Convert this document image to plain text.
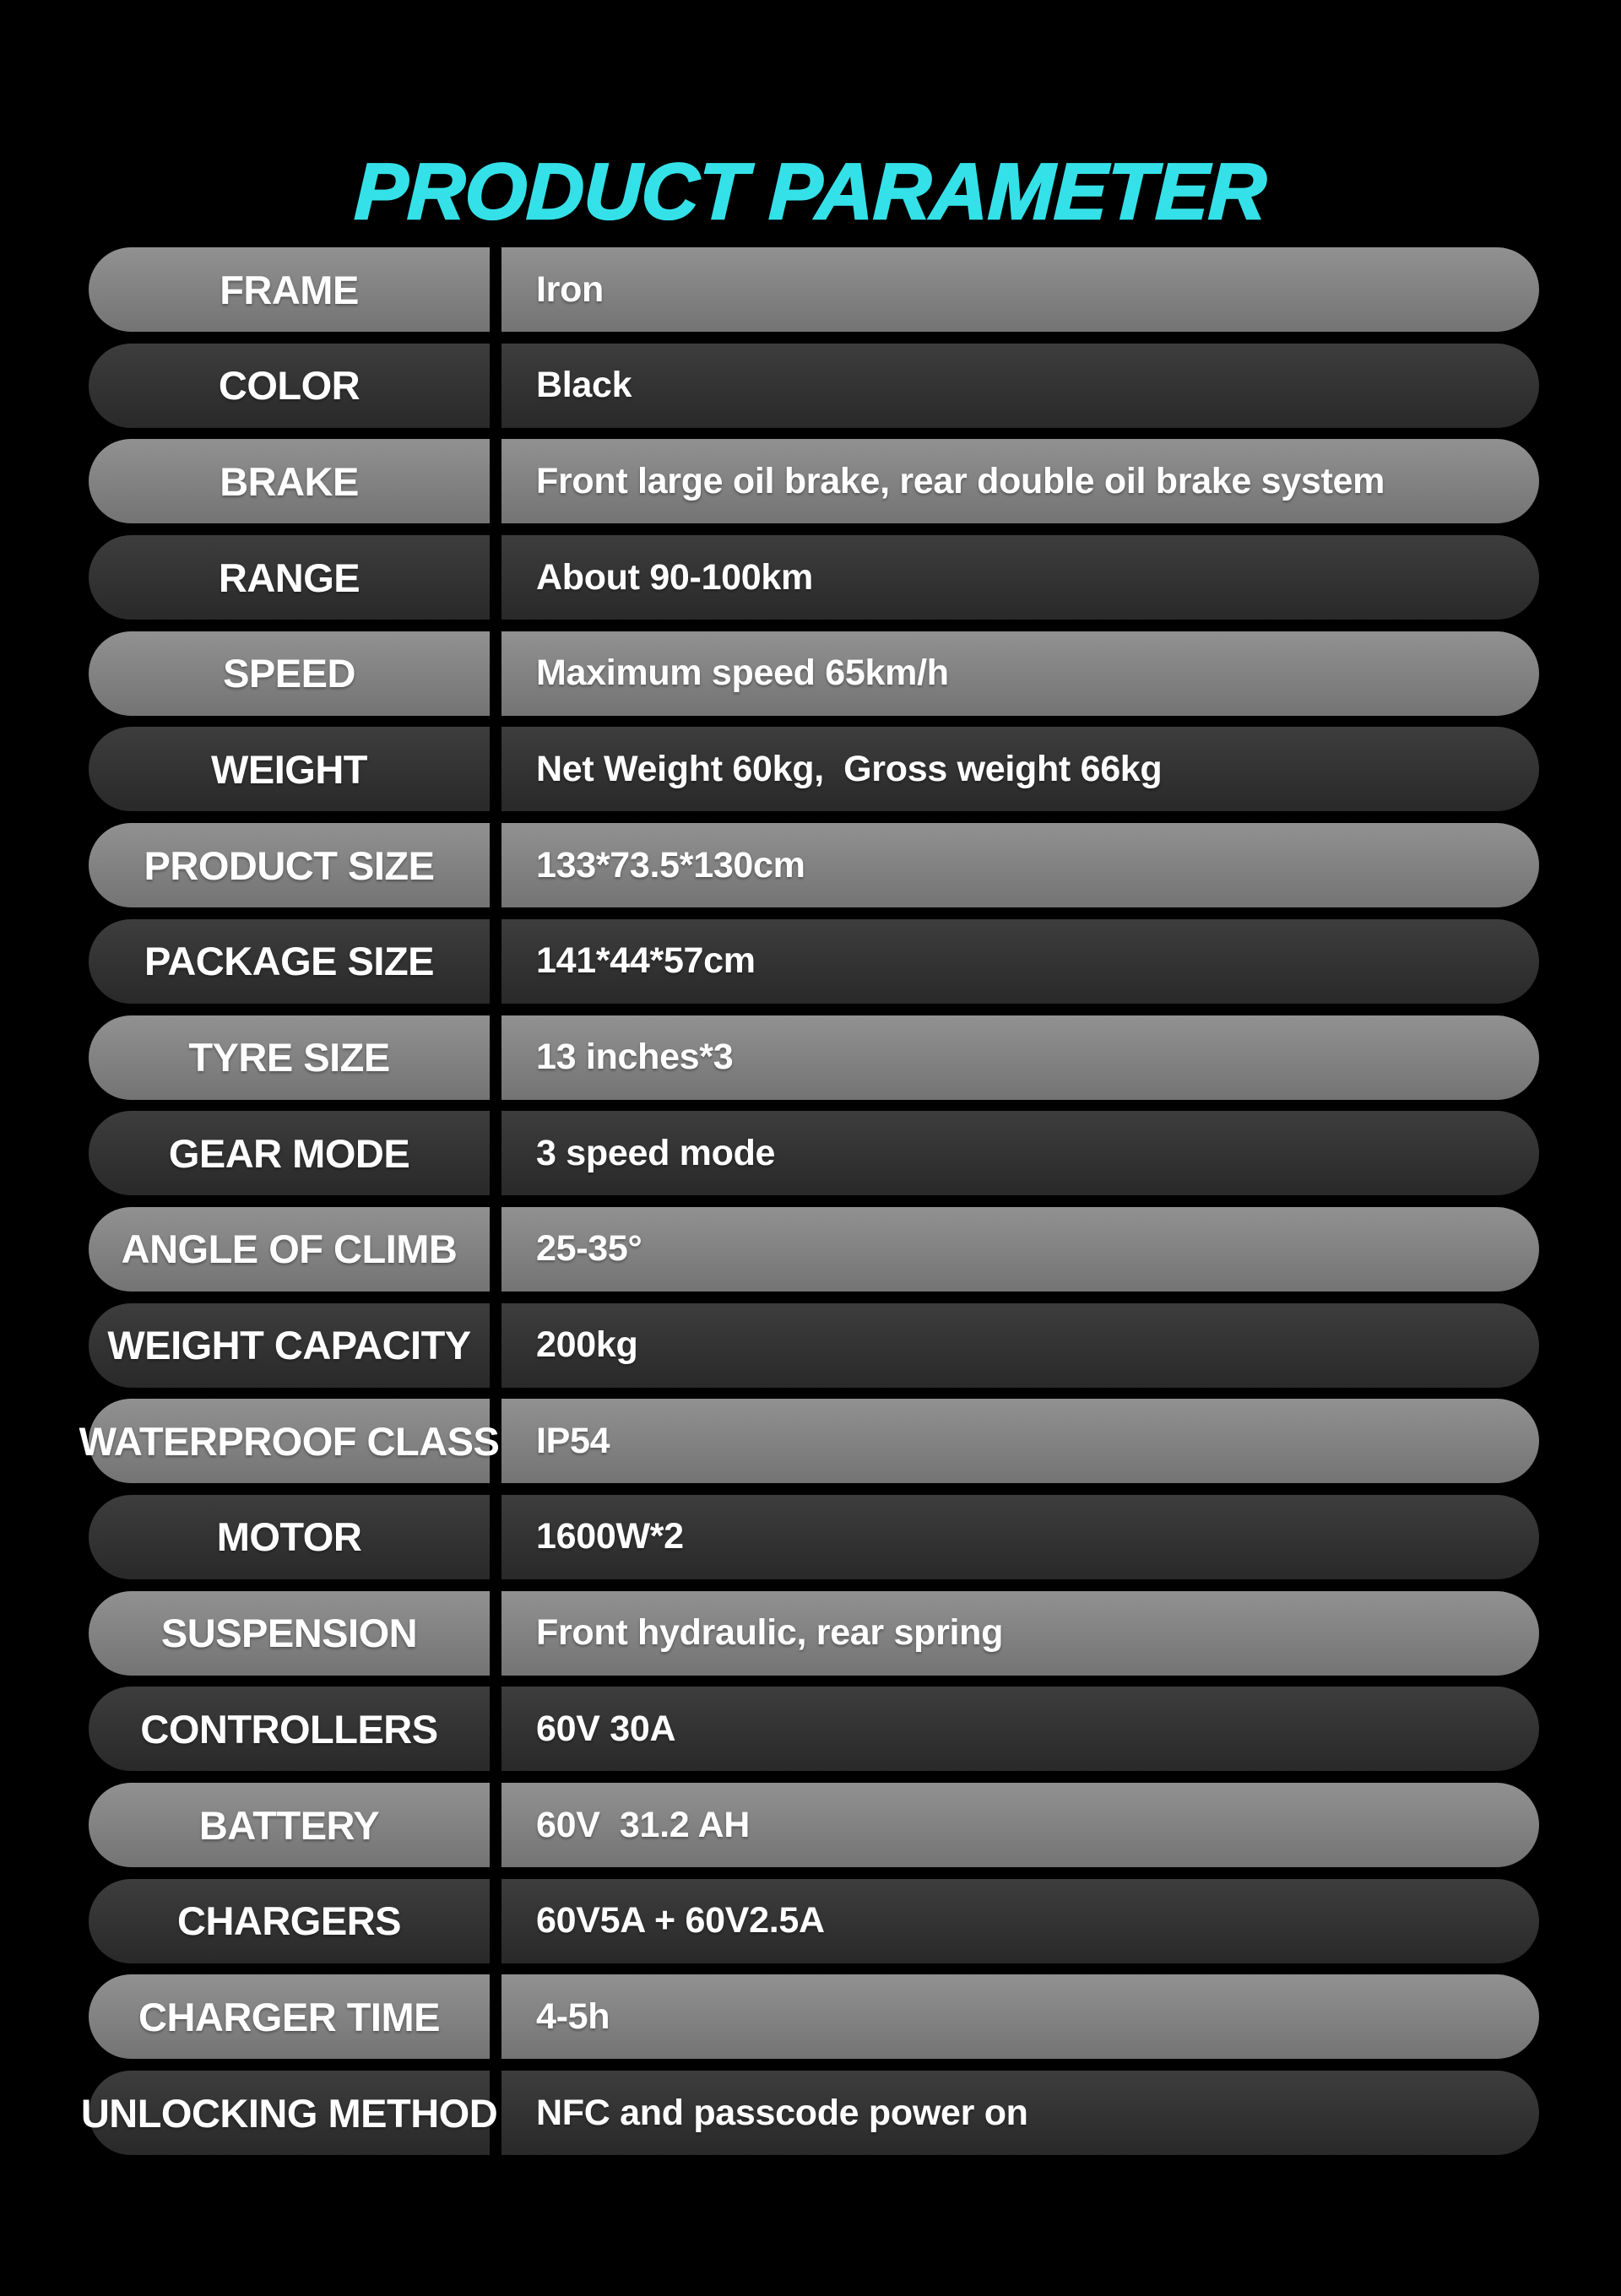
PRODUCT PARAMETER
FRAME	Iron
COLOR	Black
BRAKE	Front large oil brake, rear double oil brake system
RANGE	About 90-100km
SPEED	Maximum speed 65km/h
WEIGHT	Net Weight 60kg,  Gross weight 66kg
PRODUCT SIZE	133*73.5*130cm
PACKAGE SIZE	141*44*57cm
TYRE SIZE	13 inches*3
GEAR MODE	3 speed mode
ANGLE OF CLIMB 25-35°
WEIGHT CAPACITY 200kg
WATERPROOF CLASS IP54
MOTOR	1600W*2
SUSPENSION	Front hydraulic, rear spring
CONTROLLERS	60V 30A
BATTERY	60V  31.2 AH
CHARGERS	60V5A + 60V2.5A
CHARGER TIME	4-5h
UNLOCKING METHOD NFC and passcode power on
